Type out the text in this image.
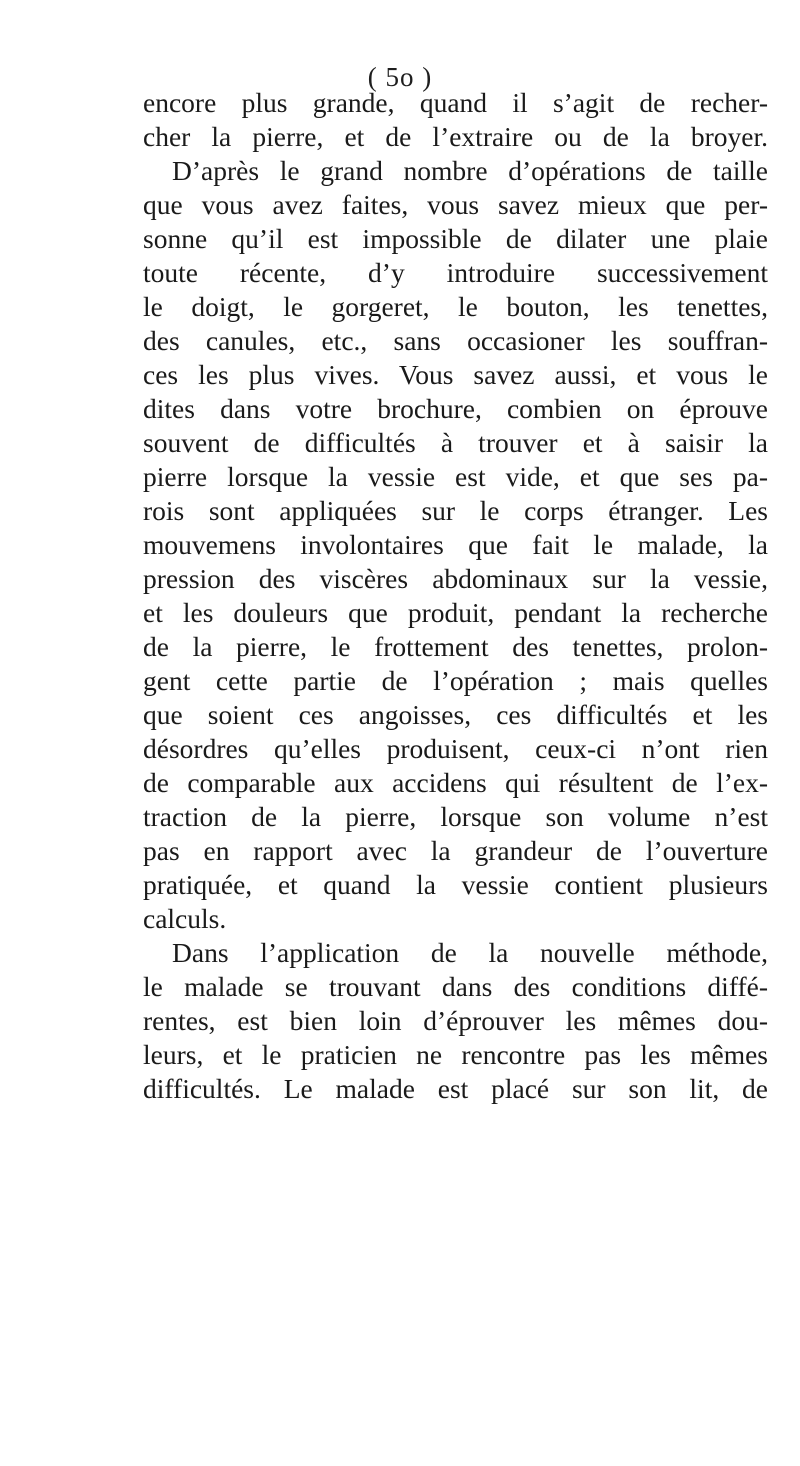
( 5o )
encore plus grande, quand il s’agit de recher-
cher la pierre, et de l’extraire ou de la broyer.
D’après le grand nombre d’opérations de taille
que vous avez faites, vous savez mieux que per-
sonne qu’il est impossible de dilater une plaie
toute récente, d’y introduire successivement
le doigt, le gorgeret, le bouton, les tenettes,
des canules, etc., sans occasioner les souffran-
ces les plus vives. Vous savez aussi, et vous le
dites dans votre brochure, combien on éprouve
souvent de difficultés à trouver et à saisir la
pierre lorsque la vessie est vide, et que ses pa-
rois sont appliquées sur le corps étranger. Les
mouvemens involontaires que fait le malade, la
pression des viscères abdominaux sur la vessie,
et les douleurs que produit, pendant la recherche
de la pierre, le frottement des tenettes, prolon-
gent cette partie de l’opération ; mais quelles
que soient ces angoisses, ces difficultés et les
désordres qu’elles produisent, ceux-ci n’ont rien
de comparable aux accidens qui résultent de l’ex-
traction de la pierre, lorsque son volume n’est
pas en rapport avec la grandeur de l’ouverture
pratiquée, et quand la vessie contient plusieurs
calculs.
Dans l’application de la nouvelle méthode,
le malade se trouvant dans des conditions diffé-
rentes, est bien loin d’éprouver les mêmes dou-
leurs, et le praticien ne rencontre pas les mêmes
difficultés. Le malade est placé sur son lit, de
